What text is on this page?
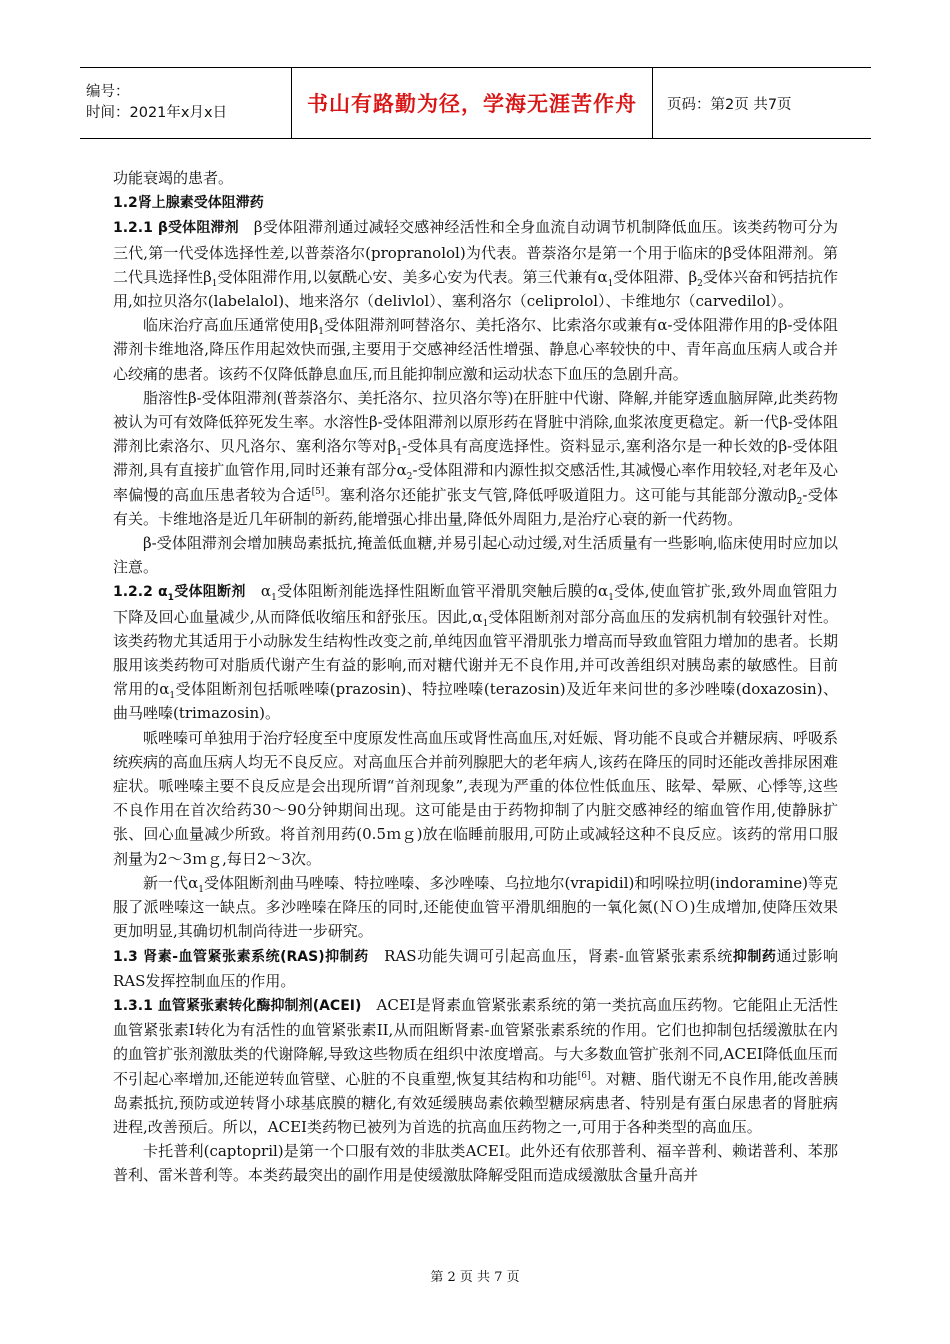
编号：
时间：2021年x月x日	书山有路勤为径，学海无涯苦作舟 页码：第2页 共7页

功能衰竭的患者。

1.2肾上腺素受体阻滞药

1.2.1 β受体阻滞剂　 β受体阻滞剂通过减轻交感神经活性和全身血流自动调节机制降低血压。该类药物可分为三代,第一代受体选择性差,以普萘洛尔(propranolol)为代表。普萘洛尔是第一个用于临床的β受体阻滞剂。第二代具选择性$\beta_1$受体阻滞作用,以氨酰心安、美多心安为代表。第三代兼有$\alpha_1$受体阻滞、$\beta_2$受体兴奋和钙拮抗作用,如拉贝洛尔(labelalol)、地来洛尔（delivlol）、塞利洛尔（celiprolol）、卡维地尔（carvedilol）。

临床治疗高血压通常使用$\beta_1$受体阻滞剂呵替洛尔、美托洛尔、比索洛尔或兼有α-受体阻滞作用的β-受体阻滞剂卡维地洛,降压作用起效快而强,主要用于交感神经活性增强、静息心率较快的中、青年高血压病人或合并心绞痛的患者。该药不仅降低静息血压,而且能抑制应激和运动状态下血压的急剧升高。

脂溶性β-受体阻滞剂(普萘洛尔、美托洛尔、拉贝洛尔等)在肝脏中代谢、降解,并能穿透血脑屏障,此类药物被认为可有效降低猝死发生率。水溶性β-受体阻滞剂以原形药在肾脏中消除,血浆浓度更稳定。新一代β-受体阻滞剂比索洛尔、贝凡洛尔、塞利洛尔等对$\beta_1-$受体具有高度选择性。资料显示,塞利洛尔是一种长效的β-受体阻滞剂,具有直接扩血管作用,同时还兼有部分$\alpha_2-$受体阻滞和内源性拟交感活性,其减慢心率作用较轻,对老年及心率偏慢的高血压患者较为合适[5]。塞利洛尔还能扩张支气管,降低呼吸道阻力。这可能与其能部分激动$\beta_2-$受体有关。卡维地洛是近几年研制的新药,能增强心排出量,降低外周阻力,是治疗心衰的新一代药物。

β-受体阻滞剂会增加胰岛素抵抗,掩盖低血糖,并易引起心动过缓,对生活质量有一些影响,临床使用时应加以注意。

1.2.2 $\alpha_1$受体阻断剂　 $\alpha_1$受体阻断剂能选择性阻断血管平滑肌突触后膜的$\alpha_1$受体,使血管扩张,致外周血管阻力下降及回心血量减少,从而降低收缩压和舒张压。因此$,\alpha_1$受体阻断剂对部分高血压的发病机制有较强针对性。该类药物尤其适用于小动脉发生结构性改变之前,单纯因血管平滑肌张力增高而导致血管阻力增加的患者。长期服用该类药物可对脂质代谢产生有益的影响,而对糖代谢并无不良作用,并可改善组织对胰岛素的敏感性。目前常用的$\alpha_1$受体阻断剂包括哌唑嗪(prazosin)、特拉唑嗪(terazosin)及近年来问世的多沙唑嗪(doxazosin)、曲马唑嗪(trimazosin)。

哌唑嗪可单独用于治疗轻度至中度原发性高血压或肾性高血压,对妊娠、肾功能不良或合并糖尿病、呼吸系统疾病的高血压病人均无不良反应。对高血压合并前列腺肥大的老年病人,该药在降压的同时还能改善排尿困难症状。哌唑嗪主要不良反应是会出现所谓“首剂现象”,表现为严重的体位性低血压、眩晕、晕厥、心悸等,这些不良作用在首次给药30～90分钟期间出现。这可能是由于药物抑制了内脏交感神经的缩血管作用,使静脉扩张、回心血量减少所致。将首剂用药(0.5ｍｇ)放在临睡前服用,可防止或减轻这种不良反应。该药的常用口服剂量为2～3ｍｇ,每日2～3次。

新一代$\alpha_1$受体阻断剂曲马唑嗪、特拉唑嗪、多沙唑嗪、乌拉地尔(vrapidil)和吲哚拉明(indoramine)等克服了派唑嗪这一缺点。多沙唑嗪在降压的同时,还能使血管平滑肌细胞的一氧化氮(ＮＯ)生成增加,使降压效果更加明显,其确切机制尚待进一步研究。

1.3 肾素-血管紧张素系统(RAS)抑制药　 RAS功能失调可引起高血压，肾素-血管紧张素系统抑制药通过影响RAS发挥控制血压的作用。

1.3.1 血管紧张素转化酶抑制剂(ACEI)　 ACEI是肾素血管紧张素系统的第一类抗高血压药物。它能阻止无活性血管紧张素I转化为有活性的血管紧张素II,从而阻断肾素-血管紧张素系统的作用。它们也抑制包括缓激肽在内的血管扩张剂激肽类的代谢降解,导致这些物质在组织中浓度增高。与大多数血管扩张剂不同,ACEⅠ降低血压而不引起心率增加,还能逆转血管壁、心脏的不良重塑,恢复其结构和功能[6]。对糖、脂代谢无不良作用,能改善胰岛素抵抗,预防或逆转肾小球基底膜的糖化,有效延缓胰岛素依赖型糖尿病患者、特别是有蛋白尿患者的肾脏病进程,改善预后。所以，ACEI类药物已被列为首选的抗高血压药物之一,可用于各种类型的高血压。

卡托普利(captopril)是第一个口服有效的非肽类ACEI。此外还有依那普利、福辛普利、赖诺普利、苯那普利、雷米普利等。本类药最突出的副作用是使缓激肽降解受阻而造成缓激肽含量升高并

第 2 页 共 7 页
